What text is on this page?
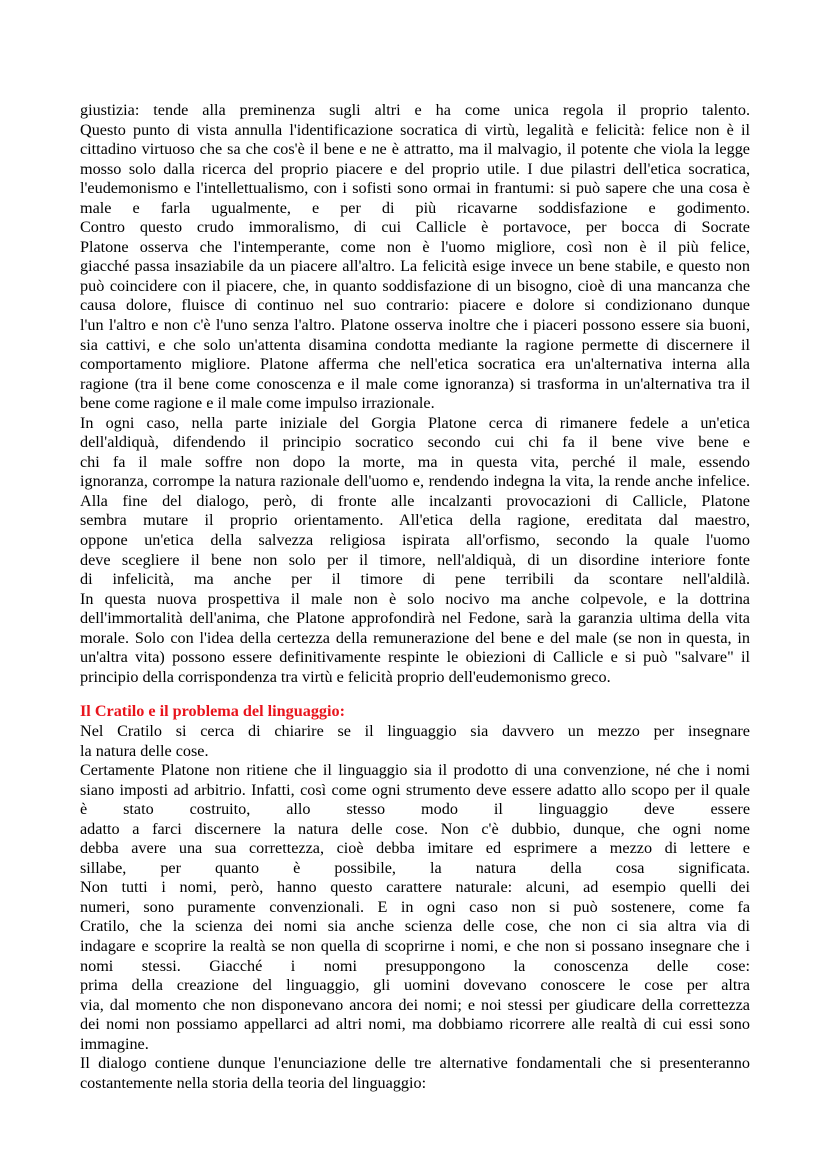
giustizia: tende alla preminenza sugli altri e ha come unica regola il proprio talento.
Questo punto di vista annulla l'identificazione socratica di virtù, legalità e felicità: felice non è il
cittadino virtuoso che sa che cos'è il bene e ne è attratto, ma il malvagio, il potente che viola la legge
mosso solo dalla ricerca del proprio piacere e del proprio utile. I due pilastri dell'etica socratica,
l'eudemonismo e l'intellettualismo, con i sofisti sono ormai in frantumi: si può sapere che una cosa è
male e farla ugualmente, e per di più ricavarne soddisfazione e godimento.
Contro questo crudo immoralismo, di cui Callicle è portavoce, per bocca di Socrate
Platone osserva che l'intemperante, come non è l'uomo migliore, così non è il più felice,
giacché passa insaziabile da un piacere all'altro. La felicità esige invece un bene stabile, e questo non
può coincidere con il piacere, che, in quanto soddisfazione di un bisogno, cioè di una mancanza che
causa dolore, fluisce di continuo nel suo contrario: piacere e dolore si condizionano dunque
l'un l'altro e non c'è l'uno senza l'altro. Platone osserva inoltre che i piaceri possono essere sia buoni,
sia cattivi, e che solo un'attenta disamina condotta mediante la ragione permette di discernere il
comportamento migliore. Platone afferma che nell'etica socratica era un'alternativa interna alla
ragione (tra il bene come conoscenza e il male come ignoranza) si trasforma in un'alternativa tra il
bene come ragione e il male come impulso irrazionale.
In ogni caso, nella parte iniziale del Gorgia Platone cerca di rimanere fedele a un'etica
dell'aldiquà, difendendo il principio socratico secondo cui chi fa il bene vive bene e
chi fa il male soffre non dopo la morte, ma in questa vita, perché il male, essendo
ignoranza, corrompe la natura razionale dell'uomo e, rendendo indegna la vita, la rende anche infelice.
Alla fine del dialogo, però, di fronte alle incalzanti provocazioni di Callicle, Platone
sembra mutare il proprio orientamento. All'etica della ragione, ereditata dal maestro,
oppone un'etica della salvezza religiosa ispirata all'orfismo, secondo la quale l'uomo
deve scegliere il bene non solo per il timore, nell'aldiquà, di un disordine interiore fonte
di infelicità, ma anche per il timore di pene terribili da scontare nell'aldilà.
In questa nuova prospettiva il male non è solo nocivo ma anche colpevole, e la dottrina
dell'immortalità dell'anima, che Platone approfondirà nel Fedone, sarà la garanzia ultima della vita
morale. Solo con l'idea della certezza della remunerazione del bene e del male (se non in questa, in
un'altra vita) possono essere definitivamente respinte le obiezioni di Callicle e si può "salvare" il
principio della corrispondenza tra virtù e felicità proprio dell'eudemonismo greco.
Il Cratilo e il problema del linguaggio:
Nel Cratilo si cerca di chiarire se il linguaggio sia davvero un mezzo per insegnare
la natura delle cose.
Certamente Platone non ritiene che il linguaggio sia il prodotto di una convenzione, né che i nomi
siano imposti ad arbitrio. Infatti, così come ogni strumento deve essere adatto allo scopo per il quale
è stato costruito, allo stesso modo il linguaggio deve essere
adatto a farci discernere la natura delle cose. Non c'è dubbio, dunque, che ogni nome
debba avere una sua correttezza, cioè debba imitare ed esprimere a mezzo di lettere e
sillabe, per quanto è possibile, la natura della cosa significata.
Non tutti i nomi, però, hanno questo carattere naturale: alcuni, ad esempio quelli dei
numeri, sono puramente convenzionali. E in ogni caso non si può sostenere, come fa
Cratilo, che la scienza dei nomi sia anche scienza delle cose, che non ci sia altra via di
indagare e scoprire la realtà se non quella di scoprirne i nomi, e che non si possano insegnare che i
nomi stessi. Giacché i nomi presuppongono la conoscenza delle cose:
prima della creazione del linguaggio, gli uomini dovevano conoscere le cose per altra
via, dal momento che non disponevano ancora dei nomi; e noi stessi per giudicare della correttezza
dei nomi non possiamo appellarci ad altri nomi, ma dobbiamo ricorrere alle realtà di cui essi sono
immagine.
Il dialogo contiene dunque l'enunciazione delle tre alternative fondamentali che si presenteranno
costantemente nella storia della teoria del linguaggio:
